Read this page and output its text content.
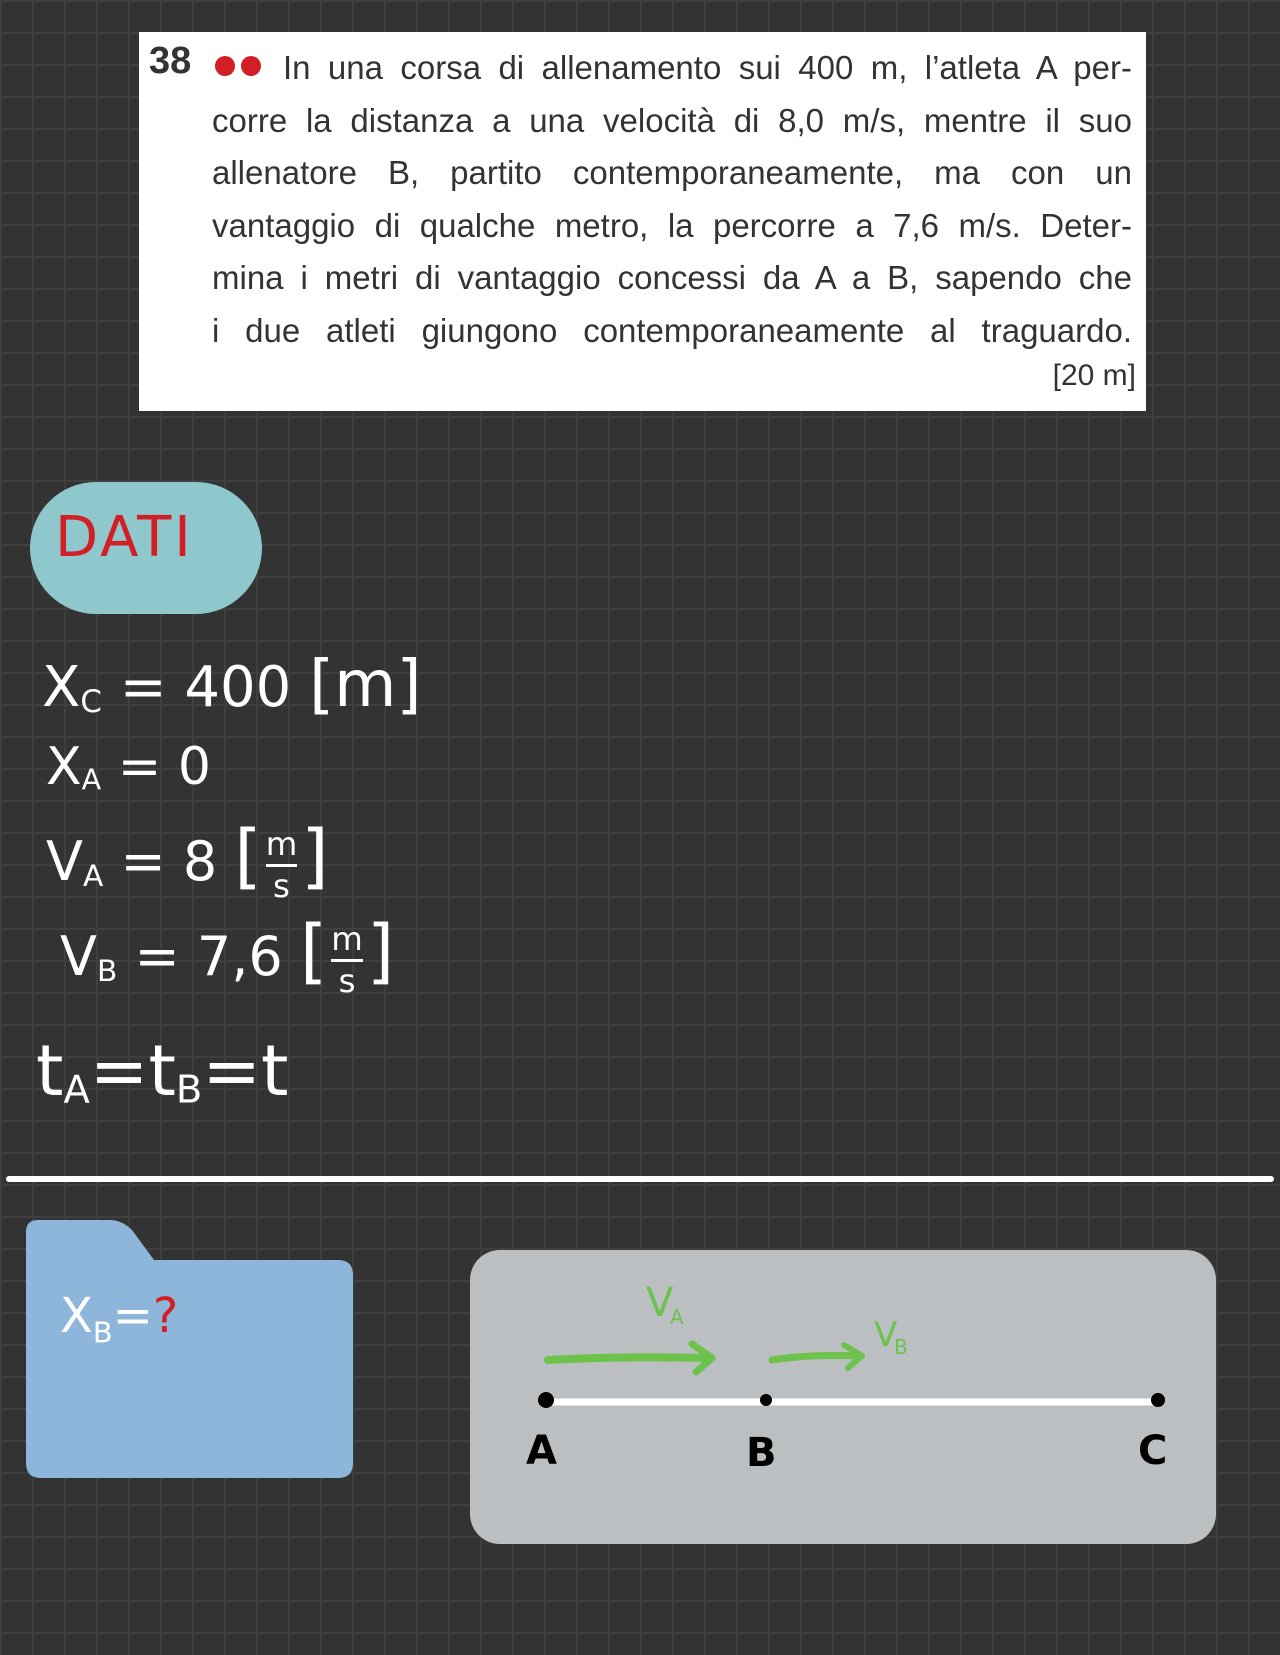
38	In una corsa di allenamento sui 400 m, l’atleta A per-
corre la distanza a una velocità di 8,0 m/s, mentre il suo
allenatore B, partito contemporaneamente, ma con un
vantaggio di qualche metro, la percorre a 7,6 m/s. Deter-
mina i metri di vantaggio concessi da A a B, sapendo che
i due atleti giungono contemporaneamente al traguardo.
[20 m]
DATI
$X_C = 400$ [m]
$X_A = 0$
$V_A = 8$ [ $\frac{m}{s}$ ]
$V_B = 7,6$ [ $\frac{m}{s}$ ]
$t_A=t_B=t$
$X_B=$?	V
A	V
B
A	B	C
